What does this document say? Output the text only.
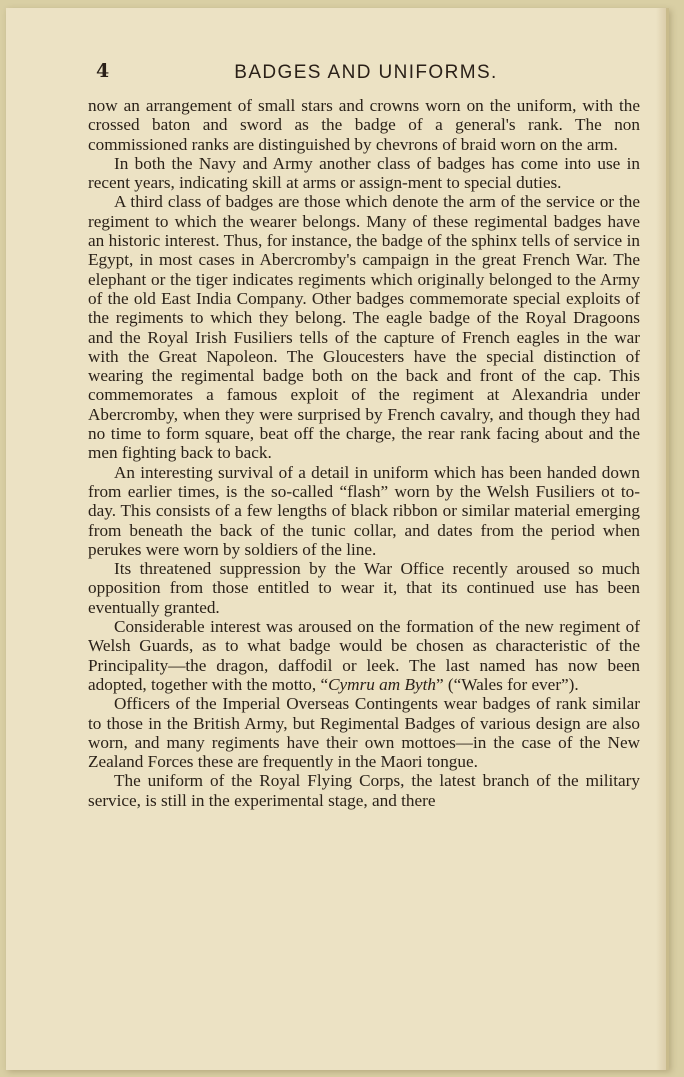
4	BADGES AND UNIFORMS.

now an arrangement of small stars and crowns worn on the uniform, with the crossed baton and sword as the badge of a general's rank. The non commissioned ranks are distinguished by chevrons of braid worn on the arm.

In both the Navy and Army another class of badges has come into use in recent years, indicating skill at arms or assign-ment to special duties.

A third class of badges are those which denote the arm of the service or the regiment to which the wearer belongs. Many of these regimental badges have an historic interest. Thus, for instance, the badge of the sphinx tells of service in Egypt, in most cases in Abercromby's campaign in the great French War. The elephant or the tiger indicates regiments which originally belonged to the Army of the old East India Company. Other badges commemorate special exploits of the regiments to which they belong. The eagle badge of the Royal Dragoons and the Royal Irish Fusiliers tells of the capture of French eagles in the war with the Great Napoleon. The Gloucesters have the special distinction of wearing the regimental badge both on the back and front of the cap. This commemorates a famous exploit of the regiment at Alexandria under Abercromby, when they were surprised by French cavalry, and though they had no time to form square, beat off the charge, the rear rank facing about and the men fighting back to back.

An interesting survival of a detail in uniform which has been handed down from earlier times, is the so-called “flash” worn by the Welsh Fusiliers ot to-day. This consists of a few lengths of black ribbon or similar material emerging from beneath the back of the tunic collar, and dates from the period when perukes were worn by soldiers of the line.

Its threatened suppression by the War Office recently aroused so much opposition from those entitled to wear it, that its continued use has been eventually granted.

Considerable interest was aroused on the formation of the new regiment of Welsh Guards, as to what badge would be chosen as characteristic of the Principality—the dragon, daffodil or leek. The last named has now been adopted, together with the motto, “Cymru am Byth” (“Wales for ever”).

Officers of the Imperial Overseas Contingents wear badges of rank similar to those in the British Army, but Regimental Badges of various design are also worn, and many regiments have their own mottoes—in the case of the New Zealand Forces these are frequently in the Maori tongue.

The uniform of the Royal Flying Corps, the latest branch of the military service, is still in the experimental stage, and there
